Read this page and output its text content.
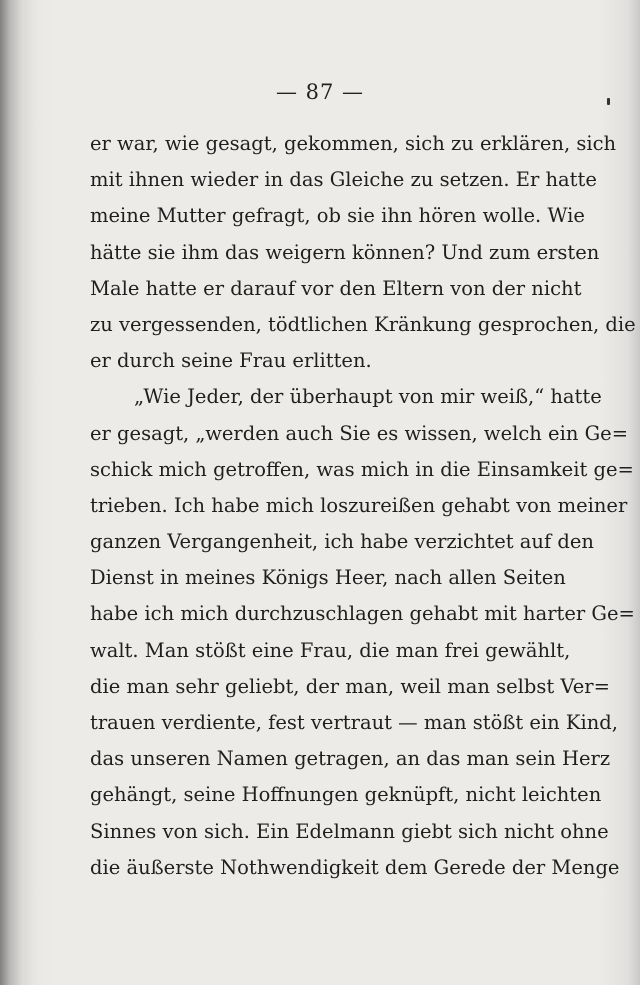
— 87 —
er war, wie gesagt, gekommen, sich zu erklären, sich
mit ihnen wieder in das Gleiche zu setzen. Er hatte
meine Mutter gefragt, ob sie ihn hören wolle. Wie
hätte sie ihm das weigern können? Und zum ersten
Male hatte er darauf vor den Eltern von der nicht
zu vergessenden, tödtlichen Kränkung gesprochen, die
er durch seine Frau erlitten.
„Wie Jeder, der überhaupt von mir weiß,“ hatte
er gesagt, „werden auch Sie es wissen, welch ein Ge=
schick mich getroffen, was mich in die Einsamkeit ge=
trieben. Ich habe mich loszureißen gehabt von meiner
ganzen Vergangenheit, ich habe verzichtet auf den
Dienst in meines Königs Heer, nach allen Seiten
habe ich mich durchzuschlagen gehabt mit harter Ge=
walt. Man stößt eine Frau, die man frei gewählt,
die man sehr geliebt, der man, weil man selbst Ver=
trauen verdiente, fest vertraut — man stößt ein Kind,
das unseren Namen getragen, an das man sein Herz
gehängt, seine Hoffnungen geknüpft, nicht leichten
Sinnes von sich. Ein Edelmann giebt sich nicht ohne
die äußerste Nothwendigkeit dem Gerede der Menge
